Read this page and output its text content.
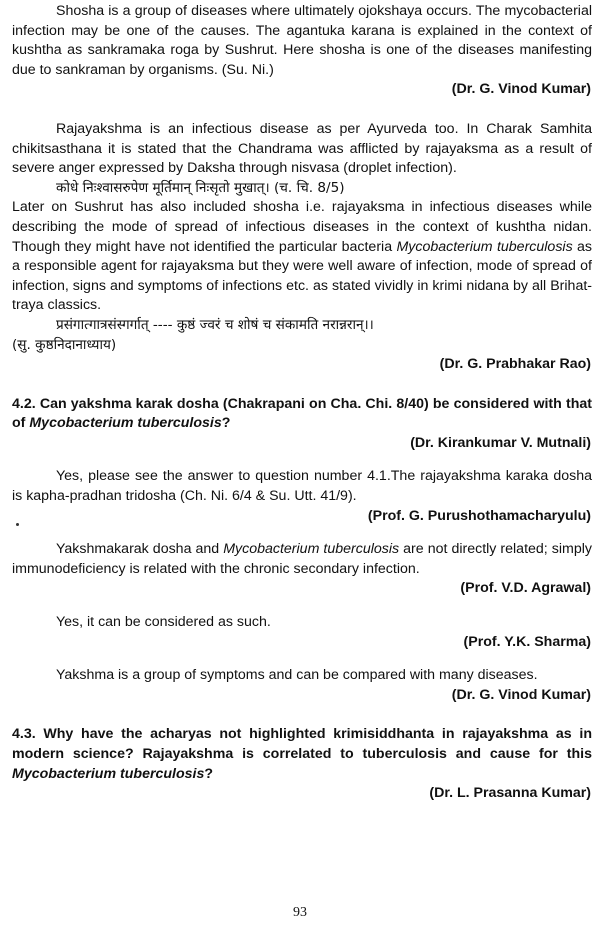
Shosha is a group of diseases where ultimately ojokshaya occurs. The mycobacterial infection may be one of the causes. The agantuka karana is explained in the context of kushtha as sankramaka roga by Sushrut. Here shosha is one of the diseases manifesting due to sankraman by organisms. (Su. Ni.)

(Dr. G. Vinod Kumar)

Rajayakshma is an infectious disease as per Ayurveda too. In Charak Samhita chikitsasthana it is stated that the Chandrama was afflicted by rajayaksma as a result of severe anger expressed by Daksha through nisvasa (droplet infection).

कोधे निःश्वासरुपेण मूर्तिमान् निःसृतो मुखात्। (च. चि. 8/5)

Later on Sushrut has also included shosha i.e. rajayaksma in infectious diseases while describing the mode of spread of infectious diseases in the context of kushtha nidan. Though they might have not identified the particular bacteria Mycobacterium tuberculosis as a responsible agent for rajayaksma but they were well aware of infection, mode of spread of infection, signs and symptoms of infections etc. as stated vividly in krimi nidana by all Brihat-traya classics.

प्रसंगात्गात्रसंस्गर्गात् ---- कुष्ठं ज्वरं च शोषं च संकामति नरान्नरान्।।

(सु. कुष्ठनिदानाध्याय)

(Dr. G. Prabhakar Rao)

4.2. Can yakshma karak dosha (Chakrapani on Cha. Chi. 8/40) be considered with that of Mycobacterium tuberculosis?

(Dr. Kirankumar V. Mutnali)

Yes, please see the answer to question number 4.1.The rajayakshma karaka dosha is kapha-pradhan tridosha (Ch. Ni. 6/4 & Su. Utt. 41/9).

(Prof. G. Purushothamacharyulu)

Yakshmakarak dosha and Mycobacterium tuberculosis are not directly related; simply immunodeficiency is related with the chronic secondary infection.

(Prof. V.D. Agrawal)

Yes, it can be considered as such.

(Prof. Y.K. Sharma)

Yakshma is a group of symptoms and can be compared with many diseases.

(Dr. G. Vinod Kumar)

4.3. Why have the acharyas not highlighted krimisiddhanta in rajayakshma as in modern science? Rajayakshma is correlated to tuberculosis and cause for this Mycobacterium tuberculosis?

(Dr. L. Prasanna Kumar)
93
